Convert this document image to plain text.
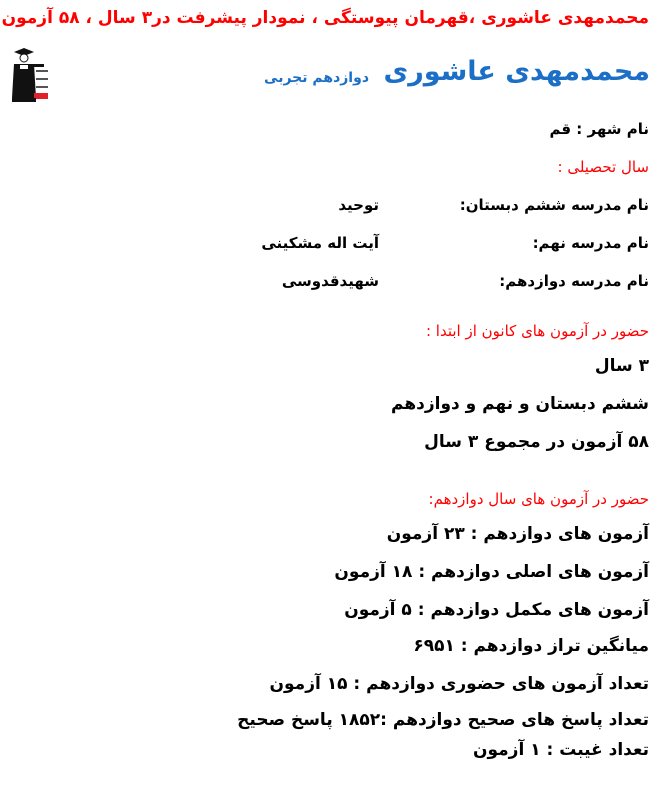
محمدمهدی عاشوری ،قهرمان پیوستگی ، نمودار پیشرفت در۳ سال ، ۵۸ آزمون
محمدمهدی عاشوری
دوازدهم تجربی
نام شهر : قم
سال تحصیلی :
نام مدرسه ششم دبستان:
توحید
نام مدرسه نهم:
آیت اله مشکینی
نام مدرسه دوازدهم:
شهیدقدوسی
حضور در آزمون های کانون از ابتدا :
۳ سال
ششم دبستان و نهم و دوازدهم
۵۸ آزمون در مجموع ۳ سال
حضور در آزمون های سال دوازدهم:
آزمون های دوازدهم : ۲۳ آزمون
آزمون های اصلی دوازدهم : ۱۸ آزمون
آزمون های مکمل دوازدهم : ۵ آزمون
میانگین تراز دوازدهم : ۶۹۵۱
تعداد آزمون های حضوری دوازدهم : ۱۵ آزمون
تعداد پاسخ های صحیح دوازدهم :۱۸۵۲ پاسخ صحیح
تعداد غیبت : ۱ آزمون
